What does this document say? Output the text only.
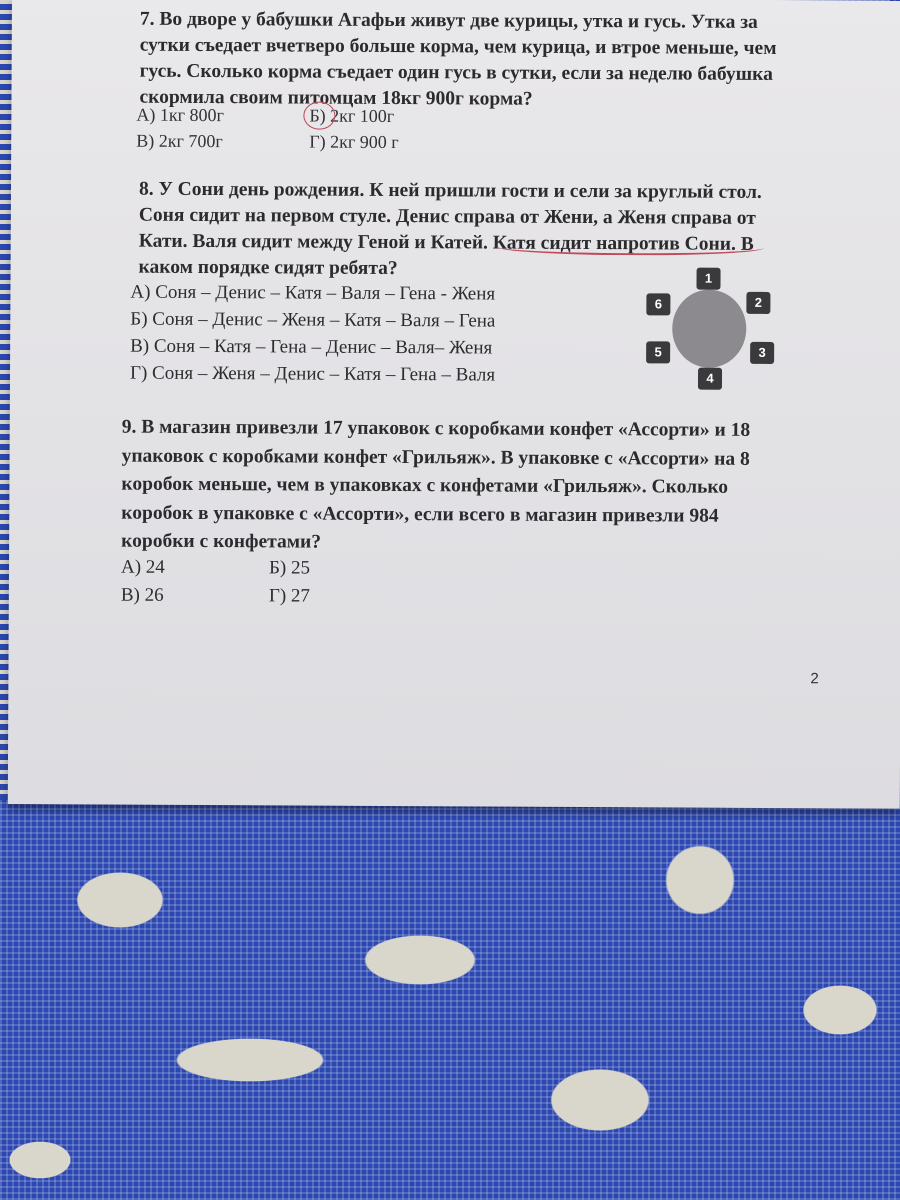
7. Во дворе у бабушки Агафьи живут две курицы, утка и гусь. Утка за
сутки съедает вчетверо больше корма, чем курица, и втрое меньше, чем
гусь. Сколько корма съедает один гусь в сутки, если за неделю бабушка
скормила своим питомцам 18кг 900г корма?
А) 1кг 800г	Б) 2кг 100г
В) 2кг 700г	Г) 2кг 900 г
8. У Сони день рождения. К ней пришли гости и сели за круглый стол.
Соня сидит на первом стуле. Денис справа от Жени, а Женя справа от
Кати. Валя сидит между Геной и Катей. Катя сидит напротив Сони. В
каком порядке сидят ребята?
А) Соня – Денис – Катя – Валя – Гена - Женя
Б) Соня – Денис – Женя – Катя – Валя – Гена
В) Соня – Катя – Гена – Денис – Валя– Женя
Г) Соня – Женя – Денис – Катя – Гена – Валя
1
2
3
4
5
6
9. В магазин привезли 17 упаковок с коробками конфет «Ассорти» и 18
упаковок с коробками конфет «Грильяж». В упаковке с «Ассорти» на 8
коробок меньше, чем в упаковках с конфетами «Грильяж». Сколько
коробок в упаковке с «Ассорти», если всего в магазин привезли 984
коробки с конфетами?
А) 24	Б) 25
В) 26	Г) 27
2
